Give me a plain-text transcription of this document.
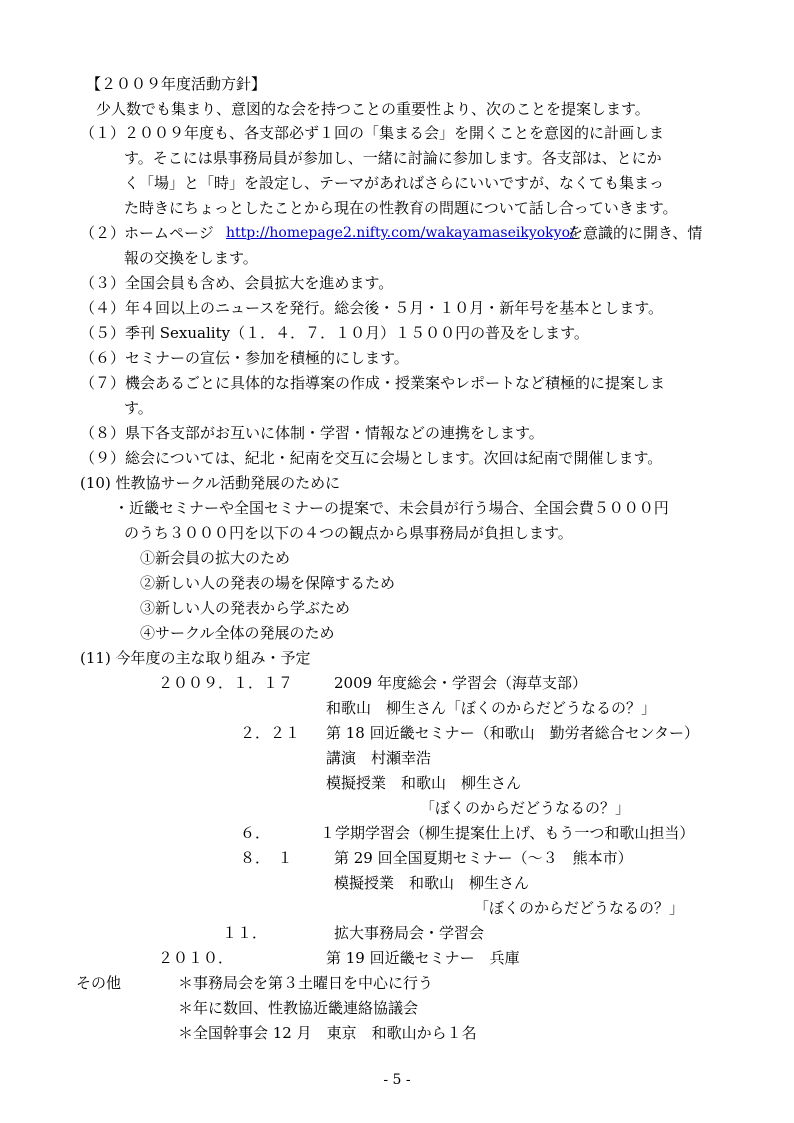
【２００９年度活動方針】
少人数でも集まり、意図的な会を持つことの重要性より、次のことを提案します。
（１）
２００９年度も、各支部必ず１回の「集まる会」を開くことを意図的に計画しま
す。そこには県事務局員が参加し、一緒に討論に参加します。各支部は、とにか
く「場」と「時」を設定し、テーマがあればさらにいいですが、なくても集まっ
た時きにちょっとしたことから現在の性教育の問題について話し合っていきます。
（２）
ホームページ http://homepage2.nifty.com/wakayamaseikyokyo/
を意識的に開き、情
報の交換をします。
（３）全国会員も含め、会員拡大を進めます。
（４）年４回以上のニュースを発行。総会後・５月・１０月・新年号を基本とします。
（５）季刊 Sexuality（１．４．７．１０月）１５００円の普及をします。
（６）セミナーの宣伝・参加を積極的にします。
（７）機会あるごとに具体的な指導案の作成・授業案やレポートなど積極的に提案しま
す。
（８）県下各支部がお互いに体制・学習・情報などの連携をします。
（９）総会については、紀北・紀南を交互に会場とします。次回は紀南で開催します。
(10) 性教協サークル活動発展のために
・近畿セミナーや全国セミナーの提案で、未会員が行う場合、全国会費５０００円
のうち３０００円を以下の４つの観点から県事務局が負担します。
①新会員の拡大のため
②新しい人の発表の場を保障するため
③新しい人の発表から学ぶため
④サークル全体の発展のため
(11) 今年度の主な取り組み・予定
２００９．１．１７	2009 年度総会・学習会（海草支部）
和歌山　柳生さん「ぼくのからだどうなるの？」
２．２１ 第 18 回近畿セミナー（和歌山　勤労者総合センター）
講演　村瀬幸浩
模擬授業　和歌山　柳生さん
「ぼくのからだどうなるの？」
６．	１学期学習会（柳生提案仕上げ、もう一つ和歌山担当）
８．　１	第 29 回全国夏期セミナー（～３　熊本市）
模擬授業　和歌山　柳生さん
「ぼくのからだどうなるの？」
１１．	拡大事務局会・学習会
２０１０．	第 19 回近畿セミナー　兵庫
その他	＊事務局会を第３土曜日を中心に行う
＊年に数回、性教協近畿連絡協議会
＊全国幹事会 12 月　東京　和歌山から１名
- 5 -
